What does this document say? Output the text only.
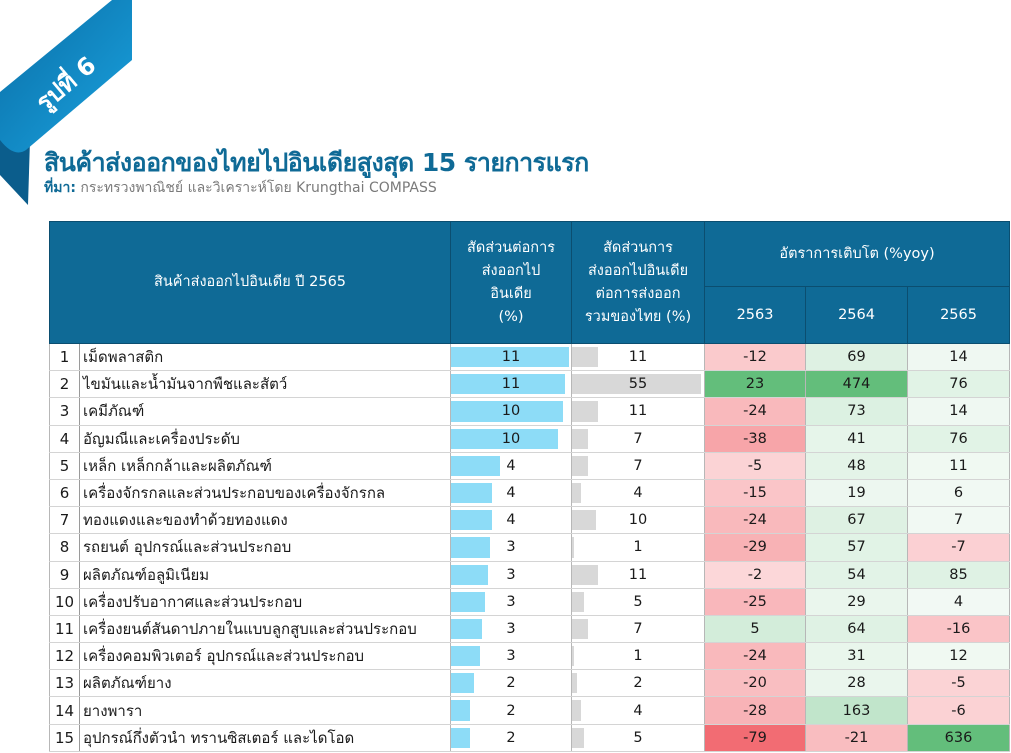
รูปที่ 6
สินค้าส่งออกของไทยไปอินเดียสูงสุด 15 รายการแรก
ที่มา: กระทรวงพาณิชย์ และวิเคราะห์โดย Krungthai COMPASS
สินค้าส่งออกไปอินเดีย ปี 2565		สัดส่วนต่อการ
ส่งออกไปอินเดีย
(%)	สัดส่วนการ
ส่งออกไปอินเดีย
ต่อการส่งออก
รวมของไทย (%)	อัตราการเติบโต (%yoy)		
				2563	2564	2565
1	เม็ดพลาสติก	11	11	-12	69	14
2	ไขมันและน้ำมันจากพืชและสัตว์	11	55	23	474	76
3	เคมีภัณฑ์	10	11	-24	73	14
4	อัญมณีและเครื่องประดับ	10	7	-38	41	76
5	เหล็ก เหล็กกล้าและผลิตภัณฑ์	4	7	-5	48	11
6	เครื่องจักรกลและส่วนประกอบของเครื่องจักรกล	4	4	-15	19	6
7	ทองแดงและของทำด้วยทองแดง	4	10	-24	67	7
8	รถยนต์ อุปกรณ์และส่วนประกอบ	3	1	-29	57	-7
9	ผลิตภัณฑ์อลูมิเนียม	3	11	-2	54	85
10	เครื่องปรับอากาศและส่วนประกอบ	3	5	-25	29	4
11	เครื่องยนต์สันดาปภายในแบบลูกสูบและส่วนประกอบ	3	7	5	64	-16
12	เครื่องคอมพิวเตอร์ อุปกรณ์และส่วนประกอบ	3	1	-24	31	12
13	ผลิตภัณฑ์ยาง	2	2	-20	28	-5
14	ยางพารา	2	4	-28	163	-6
15	อุปกรณ์กึ่งตัวนำ ทรานซิสเตอร์ และไดโอด	2	5	-79	-21	636
